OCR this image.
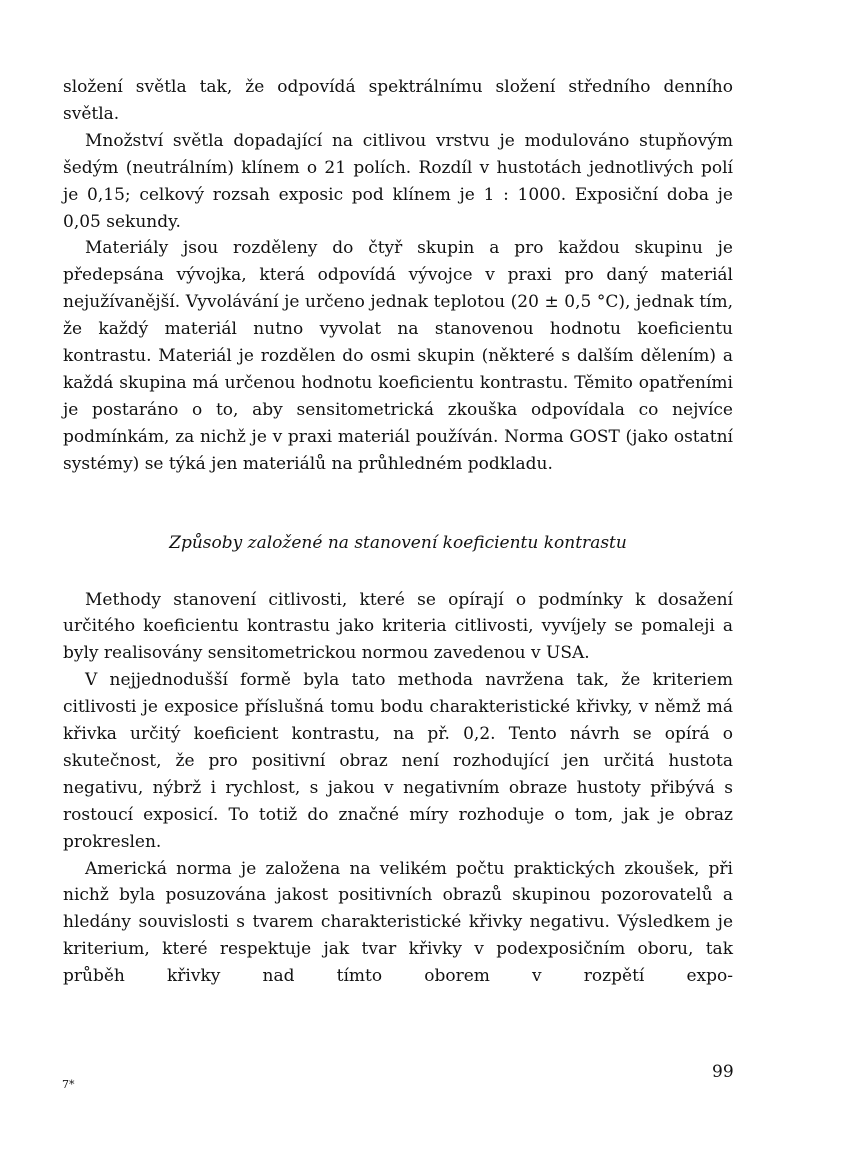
složení světla tak, že odpovídá spektrálnímu složení středního denního světla.

Množství světla dopadající na citlivou vrstvu je modulováno stupňovým šedým (neutrálním) klínem o 21 polích. Rozdíl v hustotách jednotlivých polí je 0,15; celkový rozsah exposic pod klínem je 1 : 1000. Exposiční doba je 0,05 sekundy.

Materiály jsou rozděleny do čtyř skupin a pro každou skupinu je předepsána vývojka, která odpovídá vývojce v praxi pro daný materiál nejužívanější. Vyvolávání je určeno jednak teplotou (20 ± 0,5 °C), jednak tím, že každý materiál nutno vyvolat na stanovenou hodnotu koeficientu kontrastu. Materiál je rozdělen do osmi skupin (některé s dalším dělením) a každá skupina má určenou hodnotu koeficientu kontrastu. Těmito opatřeními je postaráno o to, aby sensitometrická zkouška odpovídala co nejvíce podmínkám, za nichž je v praxi materiál používán. Norma GOST (jako ostatní systémy) se týká jen materiálů na průhledném podkladu.

Způsoby založené na stanovení koeficientu kontrastu

Methody stanovení citlivosti, které se opírají o podmínky k dosažení určitého koeficientu kontrastu jako kriteria citlivosti, vyvíjely se pomaleji a byly realisovány sensitometrickou normou zavedenou v USA.

V nejjednodušší formě byla tato methoda navržena tak, že kriteriem citlivosti je exposice příslušná tomu bodu charakteristické křivky, v němž má křivka určitý koeficient kontrastu, na př. 0,2. Tento návrh se opírá o skutečnost, že pro positivní obraz není rozhodující jen určitá hustota negativu, nýbrž i rychlost, s jakou v negativním obraze hustoty přibývá s rostoucí exposicí. To totiž do značné míry rozhoduje o tom, jak je obraz prokreslen.

Americká norma je založena na velikém počtu praktických zkoušek, při nichž byla posuzována jakost positivních obrazů skupinou pozorovatelů a hledány souvislosti s tvarem charakteristické křivky negativu. Výsledkem je kriterium, které respektuje jak tvar křivky v podexposičním oboru, tak průběh křivky nad tímto oborem v rozpětí expo-

7*
99
